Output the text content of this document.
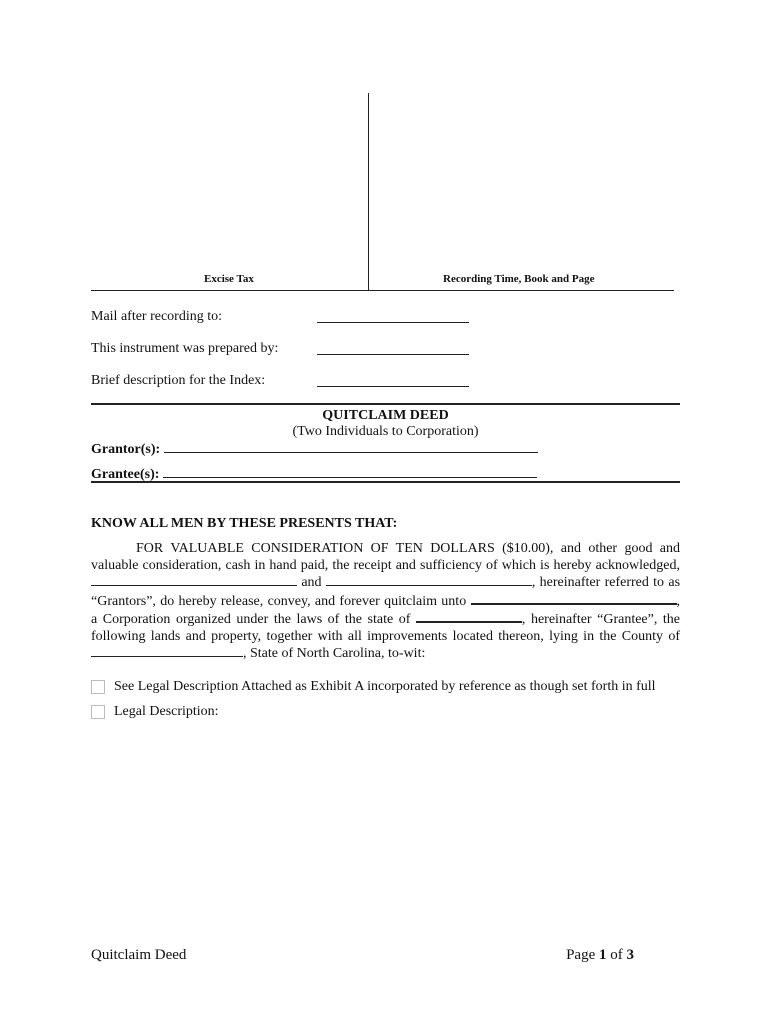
Excise Tax	Recording Time, Book and Page
Mail after recording to:
This instrument was prepared by:
Brief description for the Index:
QUITCLAIM DEED
(Two Individuals to Corporation)
Grantor(s):
Grantee(s):
KNOW ALL MEN BY THESE PRESENTS THAT:

FOR VALUABLE CONSIDERATION OF TEN DOLLARS ($10.00), and other good and valuable consideration, cash in hand paid, the receipt and sufficiency of which is hereby acknowledged,  and	, hereinafter referred to as “Grantors”, do hereby release, convey, and forever quitclaim unto	, a Corporation organized under the laws of the state of	, hereinafter “Grantee”, the following lands and property, together with all improvements located thereon, lying in the County of , State of North Carolina, to-wit:

See Legal Description Attached as Exhibit A incorporated by reference as though set forth in full
Legal Description:
Quitclaim Deed	Page 1 of 3
